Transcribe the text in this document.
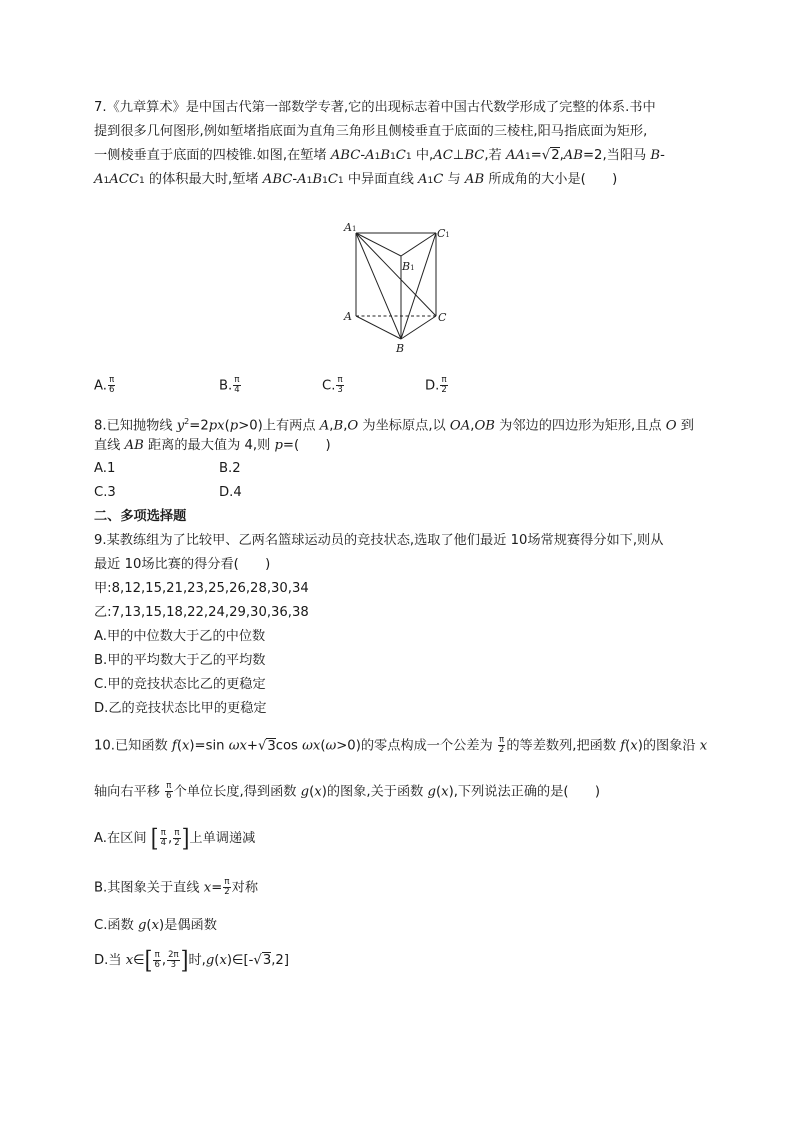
7.《九章算术》是中国古代第一部数学专著,它的出现标志着中国古代数学形成了完整的体系.书中
提到很多几何图形,例如堑堵指底面为直角三角形且侧棱垂直于底面的三棱柱,阳马指底面为矩形,
一侧棱垂直于底面的四棱锥.如图,在堑堵 ABC-A1B1C1 中,AC⊥BC,若 AA1=√2,AB=2,当阳马 B-
A1ACC1 的体积最大时,堑堵 ABC-A1B1C1 中异面直线 A1C 与 AB 所成角的大小是(　　)
A1	C1
B1
A	C
B
A. $\frac{\pi}{6}$	B. $\frac{\pi}{4}$	C. $\frac{\pi}{3}$	D. $\frac{\pi}{2}$
8.已知抛物线 $y^2=2px(p>0)$上有两点 A,B,O 为坐标原点,以 OA,OB 为邻边的四边形为矩形,且点 O 到
直线 AB 距离的最大值为 4,则 p=(　　)
A.1	B.2
C.3	D.4
二、多项选择题
9.某教练组为了比较甲、乙两名篮球运动员的竞技状态,选取了他们最近 10场常规赛得分如下,则从
最近 10场比赛的得分看(　　)
甲:8,12,15,21,23,25,26,28,30,34
乙:7,13,15,18,22,24,29,30,36,38
A.甲的中位数大于乙的中位数
B.甲的平均数大于乙的平均数
C.甲的竞技状态比乙的更稳定
D.乙的竞技状态比甲的更稳定
10.已知函数 f(x)=sin ωx+√3cos ωx(ω>0)的零点构成一个公差为 $\frac{\pi}{2}$ 的等差数列,把函数 f(x)的图象沿 x
轴向右平移 $\frac{\pi}{6}$ 个单位长度,得到函数 g(x)的图象,关于函数 g(x),下列说法正确的是(　　)
A.在区间 [ $\frac{\pi}{4}$ , $\frac{\pi}{2}$ ]上单调递减
B.其图象关于直线 $x= \frac{\pi}{2}$ 对称
C.函数 g(x)是偶函数
D.当 x∈[ $\frac{\pi}{6}$ , $\frac{2\pi}{3}$ ]时,g(x)∈[-√3,2]
